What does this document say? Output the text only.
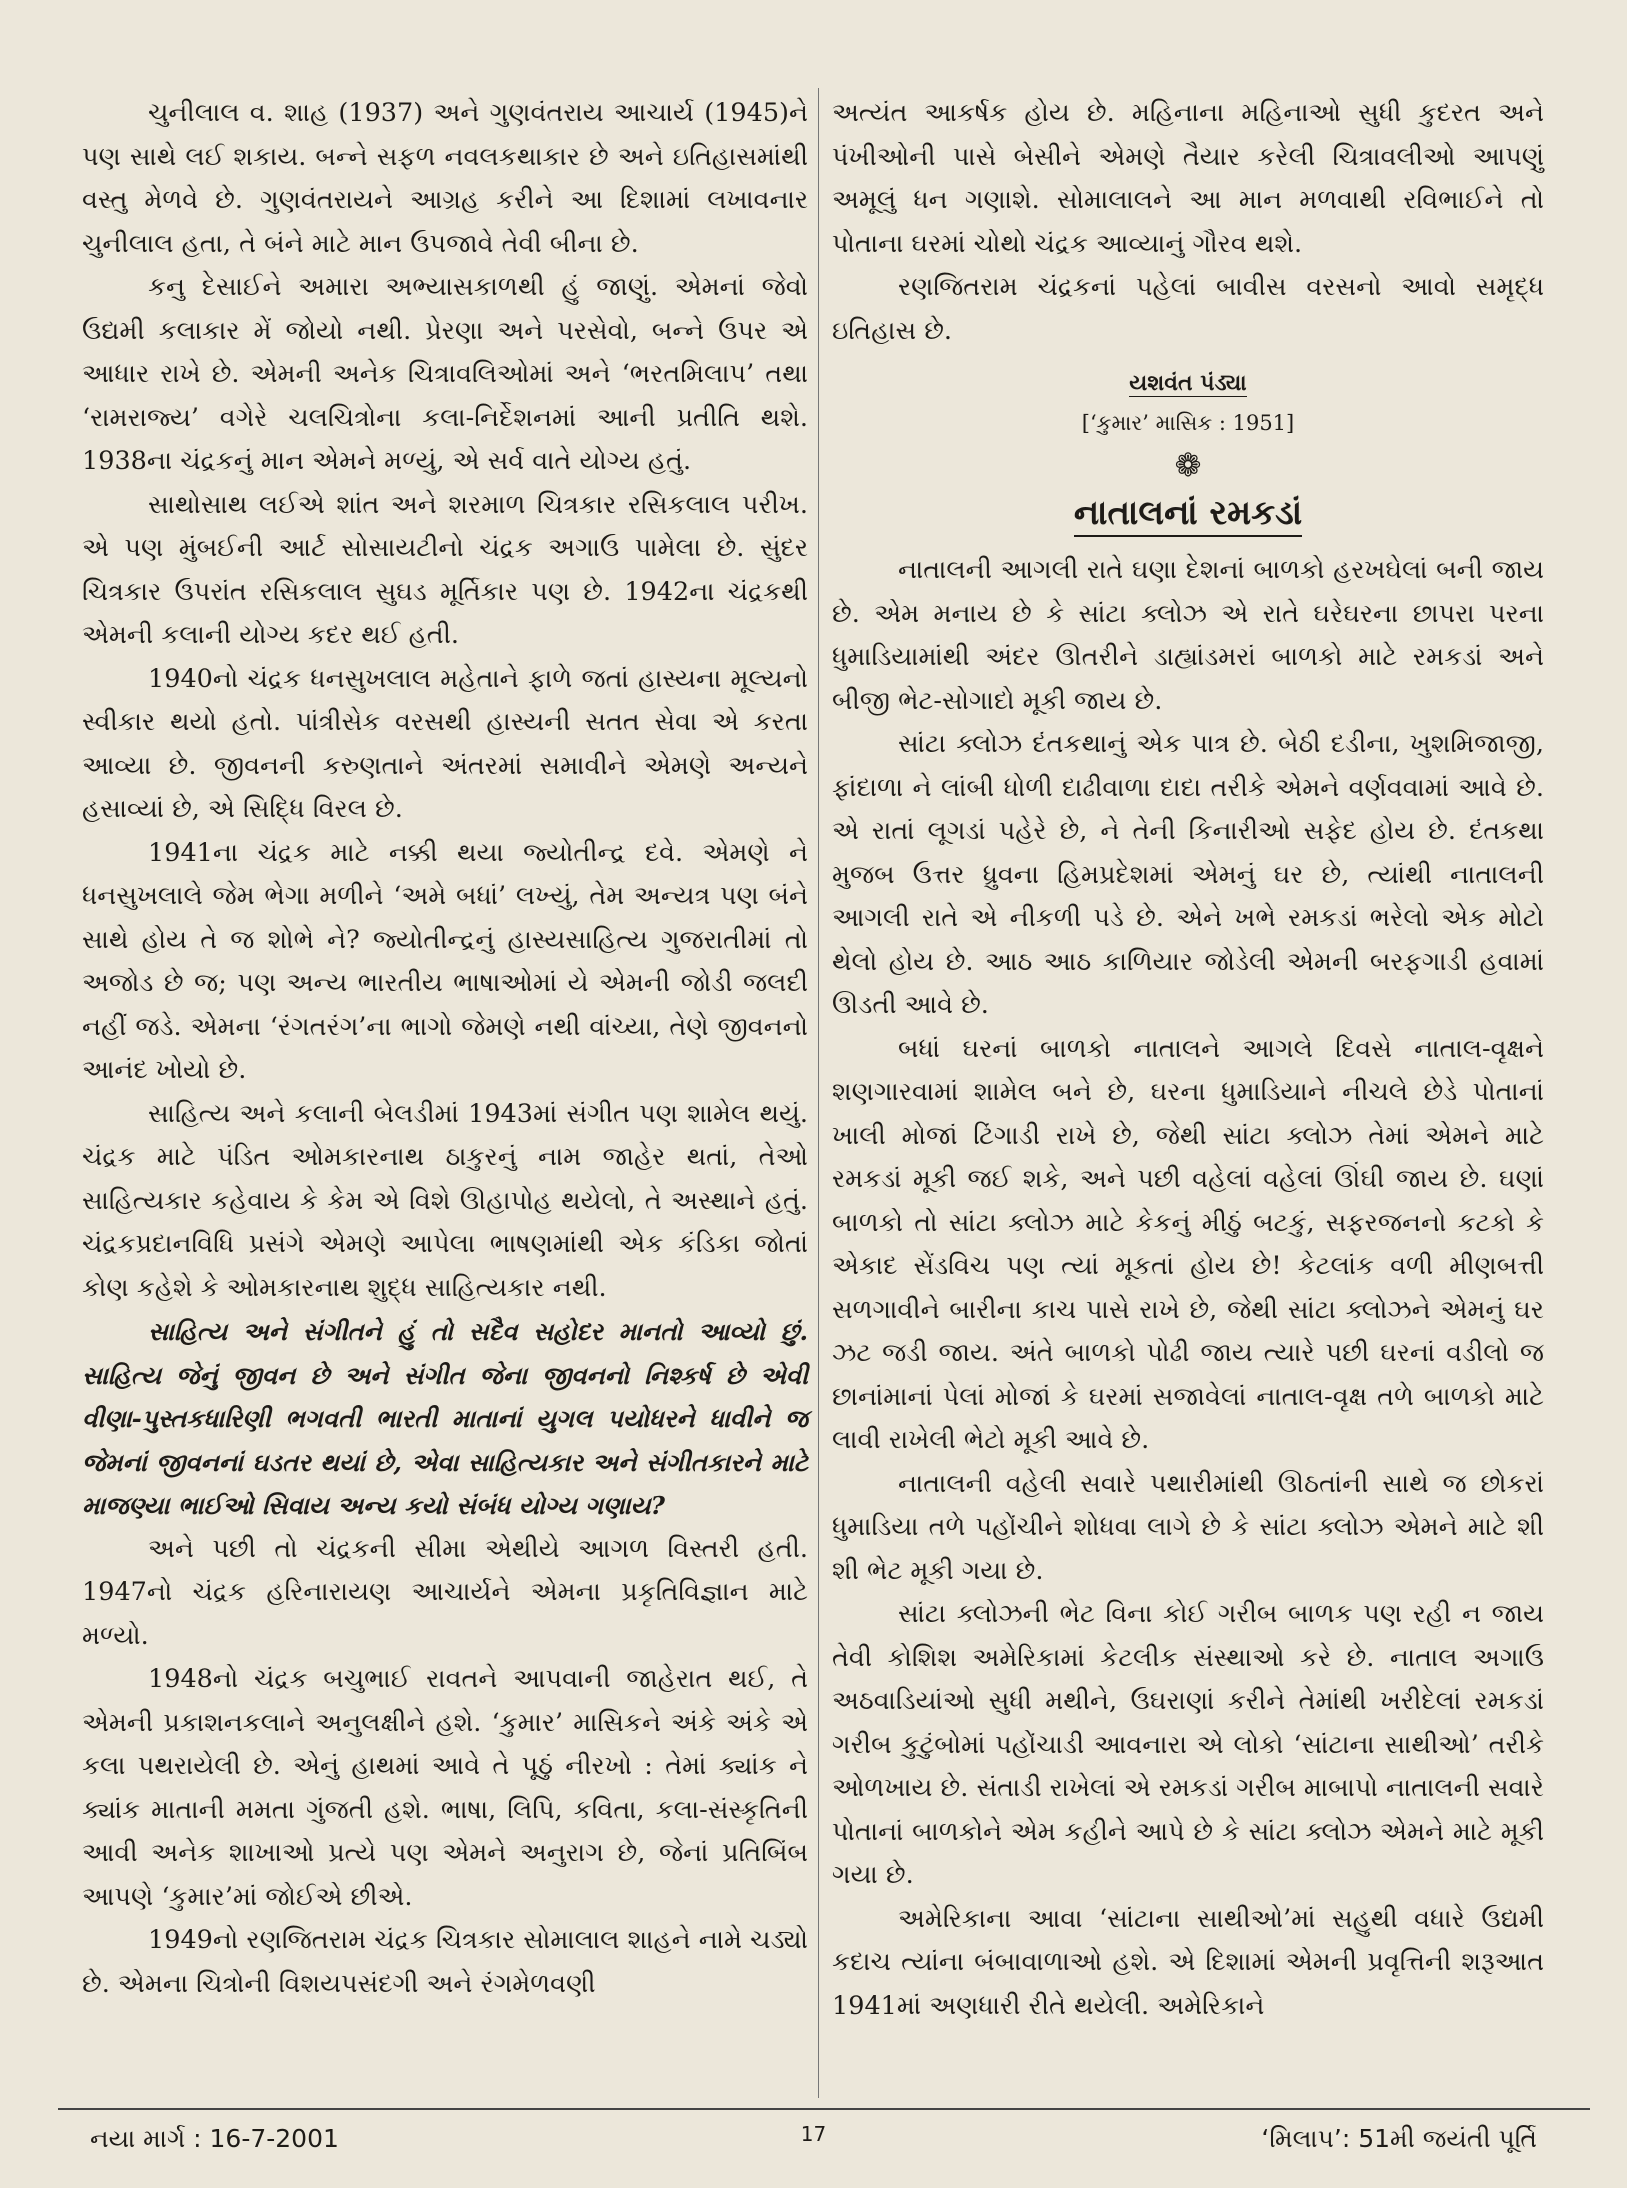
ચુનીલાલ વ. શાહ (1937) અને ગુણવંતરાય આચાર્ય (1945)ને પણ સાથે લઈ શકાય. બન્ને સફળ નવલકથાકાર છે અને ઇતિહાસમાંથી વસ્તુ મેળવે છે. ગુણવંતરાયને આગ્રહ કરીને આ દિશામાં લખાવનાર ચુનીલાલ હતા, તે બંને માટે માન ઉપજાવે તેવી બીના છે.

કનુ દેસાઈને અમારા અભ્યાસકાળથી હું જાણું. એમનાં જેવો ઉદ્યમી કલાકાર મેં જોયો નથી. પ્રેરણા અને પરસેવો, બન્ને ઉપર એ આધાર રાખે છે. એમની અનેક ચિત્રાવલિઓમાં અને ‘ભરતમિલાપ’ તથા ‘રામરાજ્ય’ વગેરે ચલચિત્રોના કલા-નિર્દેશનમાં આની પ્રતીતિ થશે. 1938ના ચંદ્રકનું માન એમને મળ્યું, એ સર્વ વાતે યોગ્ય હતું.

સાથોસાથ લઈએ શાંત અને શરમાળ ચિત્રકાર રસિકલાલ પરીખ. એ પણ મુંબઈની આર્ટ સોસાયટીનો ચંદ્રક અગાઉ પામેલા છે. સુંદર ચિત્રકાર ઉપરાંત રસિકલાલ સુઘડ મૂર્તિકાર પણ છે. 1942ના ચંદ્રકથી એમની કલાની યોગ્ય કદર થઈ હતી.

1940નો ચંદ્રક ધનસુખલાલ મહેતાને ફાળે જતાં હાસ્યના મૂલ્યનો સ્વીકાર થયો હતો. પાંત્રીસેક વરસથી હાસ્યની સતત સેવા એ કરતા આવ્યા છે. જીવનની કરુણતાને અંતરમાં સમાવીને એમણે અન્યને હસાવ્યાં છે, એ સિદ્ધિ વિરલ છે.

1941ના ચંદ્રક માટે નક્કી થયા જ્યોતીન્દ્ર દવે. એમણે ને ધનસુખલાલે જેમ ભેગા મળીને ‘અમે બધાં’ લખ્યું, તેમ અન્યત્ર પણ બંને સાથે હોય તે જ શોભે ને? જ્યોતીન્દ્રનું હાસ્યસાહિત્ય ગુજરાતીમાં તો અજોડ છે જ; પણ અન્ય ભારતીય ભાષાઓમાં યે એમની જોડી જલદી નહીં જડે. એમના ‘રંગતરંગ’ના ભાગો જેમણે નથી વાંચ્યા, તેણે જીવનનો આનંદ ખોયો છે.

સાહિત્ય અને કલાની બેલડીમાં 1943માં સંગીત પણ શામેલ થયું. ચંદ્રક માટે પંડિત ઓમકારનાથ ઠાકુરનું નામ જાહેર થતાં, તેઓ સાહિત્યકાર કહેવાય કે કેમ એ વિશે ઊહાપોહ થયેલો, તે અસ્થાને હતું. ચંદ્રકપ્રદાનવિધિ પ્રસંગે એમણે આપેલા ભાષણમાંથી એક કંડિકા જોતાં કોણ કહેશે કે ઓમકારનાથ શુદ્ધ સાહિત્યકાર નથી.

સાહિત્ય અને સંગીતને હું તો સદૈવ સહોદર માનતો આવ્યો છું. સાહિત્ય જેનું જીવન છે અને સંગીત જેના જીવનનો નિશ્કર્ષ છે એવી વીણા-પુસ્તકધારિણી ભગવતી ભારતી માતાનાં યુગલ પયોધરને ધાવીને જ જેમનાં જીવનનાં ઘડતર થયાં છે, એવા સાહિત્યકાર અને સંગીતકારને માટે માજણ્યા ભાઈઓ સિવાય અન્ય કયો સંબંધ યોગ્ય ગણાય?

અને પછી તો ચંદ્રકની સીમા એથીયે આગળ વિસ્તરી હતી. 1947નો ચંદ્રક હરિનારાયણ આચાર્યને એમના પ્રકૃતિવિજ્ઞાન માટે મળ્યો.

1948નો ચંદ્રક બચુભાઈ રાવતને આપવાની જાહેરાત થઈ, તે એમની પ્રકાશનકલાને અનુલક્ષીને હશે. ‘કુમાર’ માસિકને અંકે અંકે એ કલા પથરાયેલી છે. એનું હાથમાં આવે તે પૂઠું નીરખો : તેમાં ક્યાંક ને ક્યાંક માતાની મમતા ગુંજતી હશે. ભાષા, લિપિ, કવિતા, કલા-સંસ્કૃતિની આવી અનેક શાખાઓ પ્રત્યે પણ એમને અનુરાગ છે, જેનાં પ્રતિબિંબ આપણે ‘કુમાર’માં જોઈએ છીએ.

1949નો રણજિતરામ ચંદ્રક ચિત્રકાર સોમાલાલ શાહને નામે ચડ્યો છે. એમના ચિત્રોની વિશયપસંદગી અને રંગમેળવણી

અત્યંત આકર્ષક હોય છે. મહિનાના મહિનાઓ સુધી કુદરત અને પંખીઓની પાસે બેસીને એમણે તૈયાર કરેલી ચિત્રાવલીઓ આપણું અમૂલું ધન ગણાશે. સોમાલાલને આ માન મળવાથી રવિભાઈને તો પોતાના ઘરમાં ચોથો ચંદ્રક આવ્યાનું ગૌરવ થશે.

રણજિતરામ ચંદ્રકનાં પહેલાં બાવીસ વરસનો આવો સમૃદ્ધ ઇતિહાસ છે.

યશવંત પંડ્યા
[‘કુમાર’ માસિક : 1951]
❁
નાતાલનાં રમકડાં

નાતાલની આગલી રાતે ઘણા દેશનાં બાળકો હરખઘેલાં બની જાય છે. એમ મનાય છે કે સાંટા ક્લોઝ એ રાતે ઘરેઘરના છાપરા પરના ધુમાડિયામાંથી અંદર ઊતરીને ડાહ્યાંડમરાં બાળકો માટે રમકડાં અને બીજી ભેટ-સોગાદો મૂકી જાય છે.

સાંટા ક્લોઝ દંતકથાનું એક પાત્ર છે. બેઠી દડીના, ખુશમિજાજી, ફાંદાળા ને લાંબી ધોળી દાઢીવાળા દાદા તરીકે એમને વર્ણવવામાં આવે છે. એ રાતાં લૂગડાં પહેરે છે, ને તેની કિનારીઓ સફેદ હોય છે. દંતકથા મુજબ ઉત્તર ધ્રુવના હિમપ્રદેશમાં એમનું ઘર છે, ત્યાંથી નાતાલની આગલી રાતે એ નીકળી પડે છે. એને ખભે રમકડાં ભરેલો એક મોટો થેલો હોય છે. આઠ આઠ કાળિયાર જોડેલી એમની બરફગાડી હવામાં ઊડતી આવે છે.

બધાં ઘરનાં બાળકો નાતાલને આગલે દિવસે નાતાલ-વૃક્ષને શણગારવામાં શામેલ બને છે, ઘરના ધુમાડિયાને નીચલે છેડે પોતાનાં ખાલી મોજાં ટિંગાડી રાખે છે, જેથી સાંટા ક્લોઝ તેમાં એમને માટે રમકડાં મૂકી જઈ શકે, અને પછી વહેલાં વહેલાં ઊંઘી જાય છે. ઘણાં બાળકો તો સાંટા ક્લોઝ માટે કેકનું મીઠું બટકું, સફરજનનો કટકો કે એકાદ સેંડવિચ પણ ત્યાં મૂકતાં હોય છે! કેટલાંક વળી મીણબત્તી સળગાવીને બારીના કાચ પાસે રાખે છે, જેથી સાંટા ક્લોઝને એમનું ઘર ઝટ જડી જાય. અંતે બાળકો પોઢી જાય ત્યારે પછી ઘરનાં વડીલો જ છાનાંમાનાં પેલાં મોજાં કે ઘરમાં સજાવેલાં નાતાલ-વૃક્ષ તળે બાળકો માટે લાવી રાખેલી ભેટો મૂકી આવે છે.

નાતાલની વહેલી સવારે પથારીમાંથી ઊઠતાંની સાથે જ છોકરાં ધુમાડિયા તળે પહોંચીને શોધવા લાગે છે કે સાંટા ક્લોઝ એમને માટે શી શી ભેટ મૂકી ગયા છે.

સાંટા ક્લોઝની ભેટ વિના કોઈ ગરીબ બાળક પણ રહી ન જાય તેવી કોશિશ અમેરિકામાં કેટલીક સંસ્થાઓ કરે છે. નાતાલ અગાઉ અઠવાડિયાંઓ સુધી મથીને, ઉઘરાણાં કરીને તેમાંથી ખરીદેલાં રમકડાં ગરીબ કુટુંબોમાં પહોંચાડી આવનારા એ લોકો ‘સાંટાના સાથીઓ’ તરીકે ઓળખાય છે. સંતાડી રાખેલાં એ રમકડાં ગરીબ માબાપો નાતાલની સવારે પોતાનાં બાળકોને એમ કહીને આપે છે કે સાંટા ક્લોઝ એમને માટે મૂકી ગયા છે.

અમેરિકાના આવા ‘સાંટાના સાથીઓ’માં સહુથી વધારે ઉદ્યમી કદાચ ત્યાંના બંબાવાળાઓ હશે. એ દિશામાં એમની પ્રવૃત્તિની શરૂઆત 1941માં અણધારી રીતે થયેલી. અમેરિકાને

નયા માર્ગ : 16-7-2001	17	‘મિલાપ’: 51મી જયંતી પૂર્તિ
